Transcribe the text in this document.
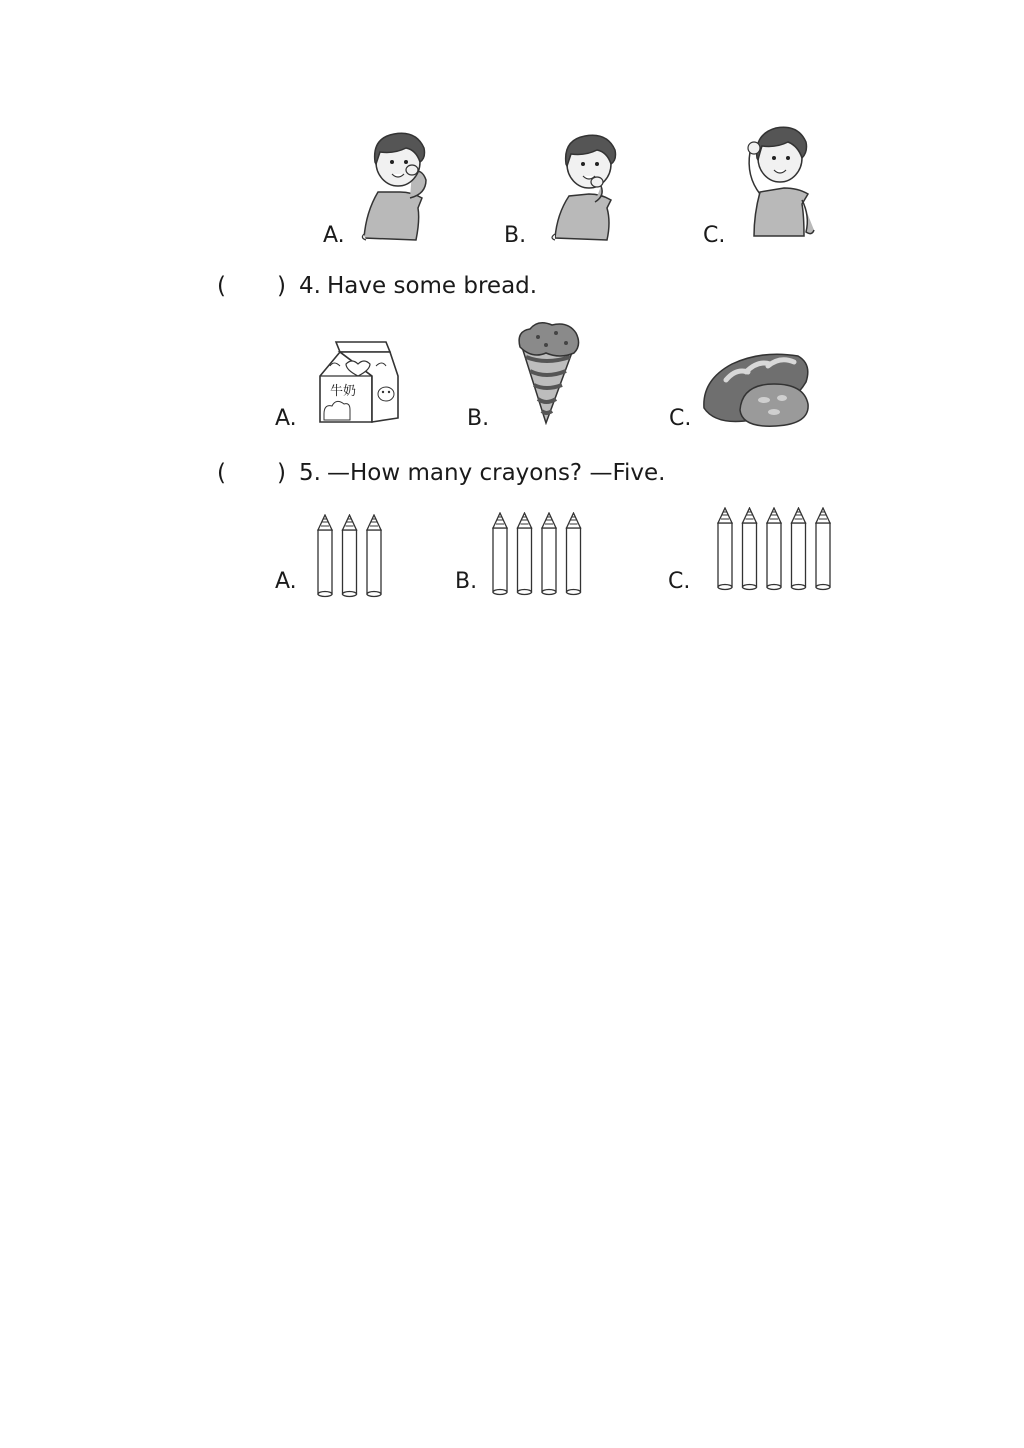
A.	B.	C.
( ) 4. Have some bread.
A.	B.	C.
牛奶
( ) 5. —How many crayons? —Five.
A.	B.	C.
